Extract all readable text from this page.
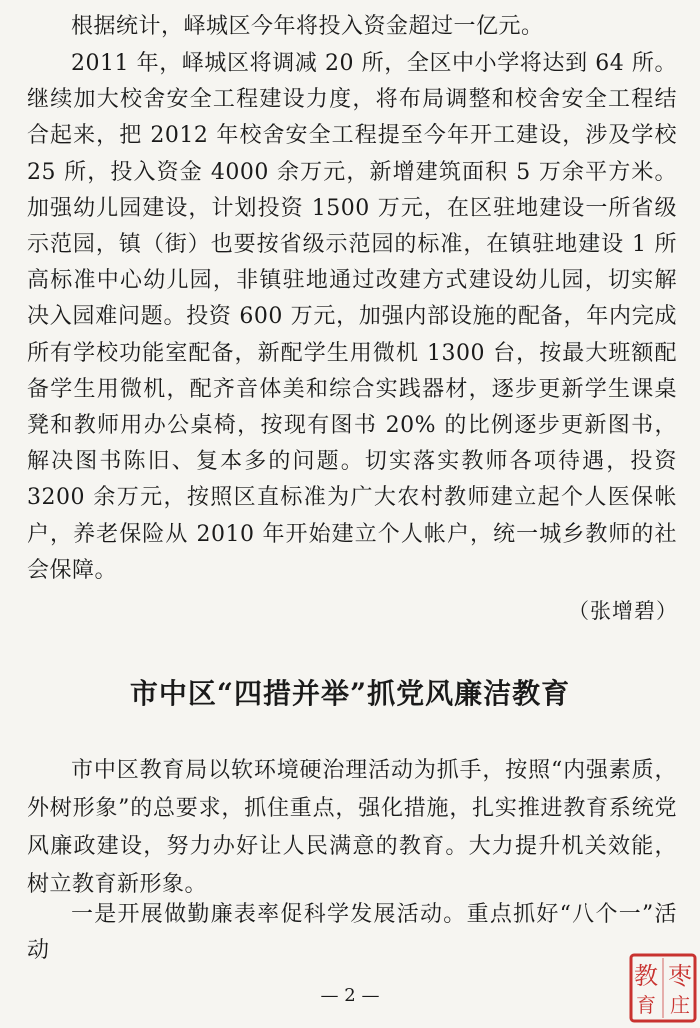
根据统计，峄城区今年将投入资金超过一亿元。

2011 年，峄城区将调减 20 所，全区中小学将达到 64 所。继续加大校舍安全工程建设力度，将布局调整和校舍安全工程结合起来，把 2012 年校舍安全工程提至今年开工建设，涉及学校 25 所，投入资金 4000 余万元，新增建筑面积 5 万余平方米。加强幼儿园建设，计划投资 1500 万元，在区驻地建设一所省级示范园，镇（街）也要按省级示范园的标准，在镇驻地建设 1 所高标准中心幼儿园，非镇驻地通过改建方式建设幼儿园，切实解决入园难问题。投资 600 万元，加强内部设施的配备，年内完成所有学校功能室配备，新配学生用微机 1300 台，按最大班额配备学生用微机，配齐音体美和综合实践器材，逐步更新学生课桌凳和教师用办公桌椅，按现有图书 20% 的比例逐步更新图书，解决图书陈旧、复本多的问题。切实落实教师各项待遇，投资 3200 余万元，按照区直标准为广大农村教师建立起个人医保帐户，养老保险从 2010 年开始建立个人帐户，统一城乡教师的社会保障。

（张增碧）
市中区“四措并举”抓党风廉洁教育

市中区教育局以软环境硬治理活动为抓手，按照“内强素质，外树形象”的总要求，抓住重点，强化措施，扎实推进教育系统党风廉政建设，努力办好让人民满意的教育。大力提升机关效能，树立教育新形象。

一是开展做勤廉表率促科学发展活动。重点抓好“八个一”活动

— 2 —
枣
庄
教
育
